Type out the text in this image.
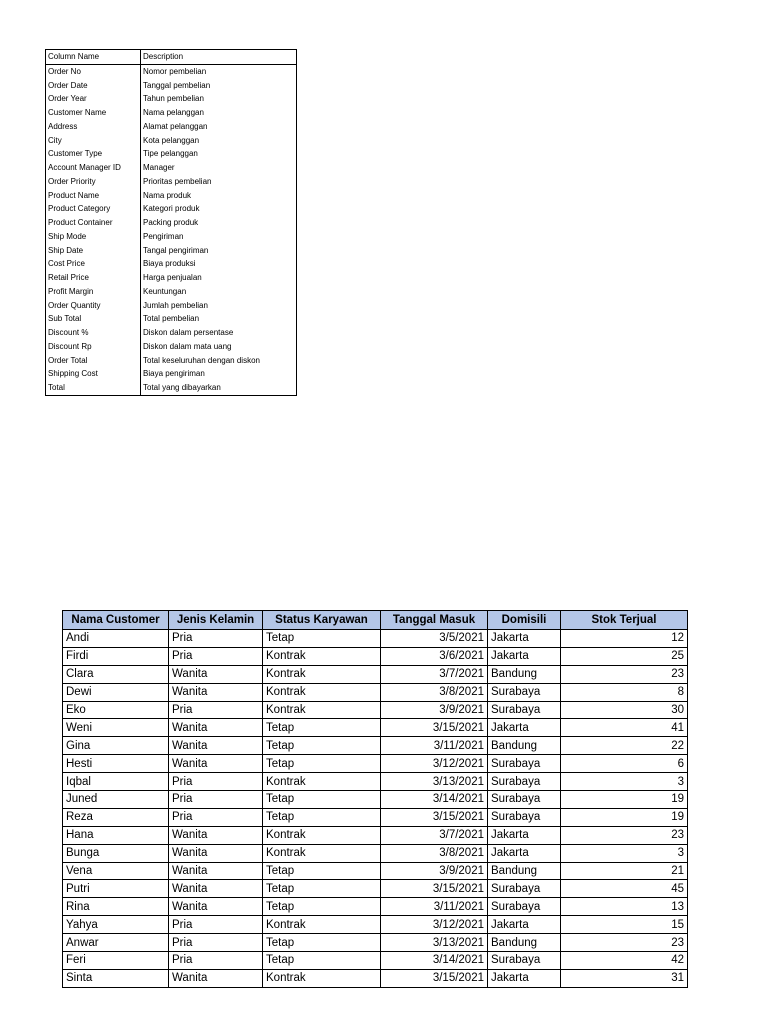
Column Name	Description
Order No	Nomor pembelian
Order Date	Tanggal pembelian
Order Year	Tahun pembelian
Customer Name	Nama pelanggan
Address	Alamat pelanggan
City	Kota pelanggan
Customer Type	Tipe pelanggan
Account Manager ID	Manager
Order Priority	Prioritas pembelian
Product Name	Nama produk
Product Category	Kategori produk
Product Container	Packing produk
Ship Mode	Pengiriman
Ship Date	Tangal pengiriman
Cost Price	Biaya produksi
Retail Price	Harga penjualan
Profit Margin	Keuntungan
Order Quantity	Jumlah pembelian
Sub Total	Total pembelian
Discount %	Diskon dalam persentase
Discount Rp	Diskon dalam mata uang
Order Total	Total keseluruhan dengan diskon
Shipping Cost	Biaya pengiriman
Total	Total yang dibayarkan
Nama Customer	Jenis Kelamin	Status Karyawan	Tanggal Masuk	Domisili	Stok Terjual
Andi	Pria	Tetap	3/5/2021	Jakarta	12
Firdi	Pria	Kontrak	3/6/2021	Jakarta	25
Clara	Wanita	Kontrak	3/7/2021	Bandung	23
Dewi	Wanita	Kontrak	3/8/2021	Surabaya	8
Eko	Pria	Kontrak	3/9/2021	Surabaya	30
Weni	Wanita	Tetap	3/15/2021	Jakarta	41
Gina	Wanita	Tetap	3/11/2021	Bandung	22
Hesti	Wanita	Tetap	3/12/2021	Surabaya	6
Iqbal	Pria	Kontrak	3/13/2021	Surabaya	3
Juned	Pria	Tetap	3/14/2021	Surabaya	19
Reza	Pria	Tetap	3/15/2021	Surabaya	19
Hana	Wanita	Kontrak	3/7/2021	Jakarta	23
Bunga	Wanita	Kontrak	3/8/2021	Jakarta	3
Vena	Wanita	Tetap	3/9/2021	Bandung	21
Putri	Wanita	Tetap	3/15/2021	Surabaya	45
Rina	Wanita	Tetap	3/11/2021	Surabaya	13
Yahya	Pria	Kontrak	3/12/2021	Jakarta	15
Anwar	Pria	Tetap	3/13/2021	Bandung	23
Feri	Pria	Tetap	3/14/2021	Surabaya	42
Sinta	Wanita	Kontrak	3/15/2021	Jakarta	31
